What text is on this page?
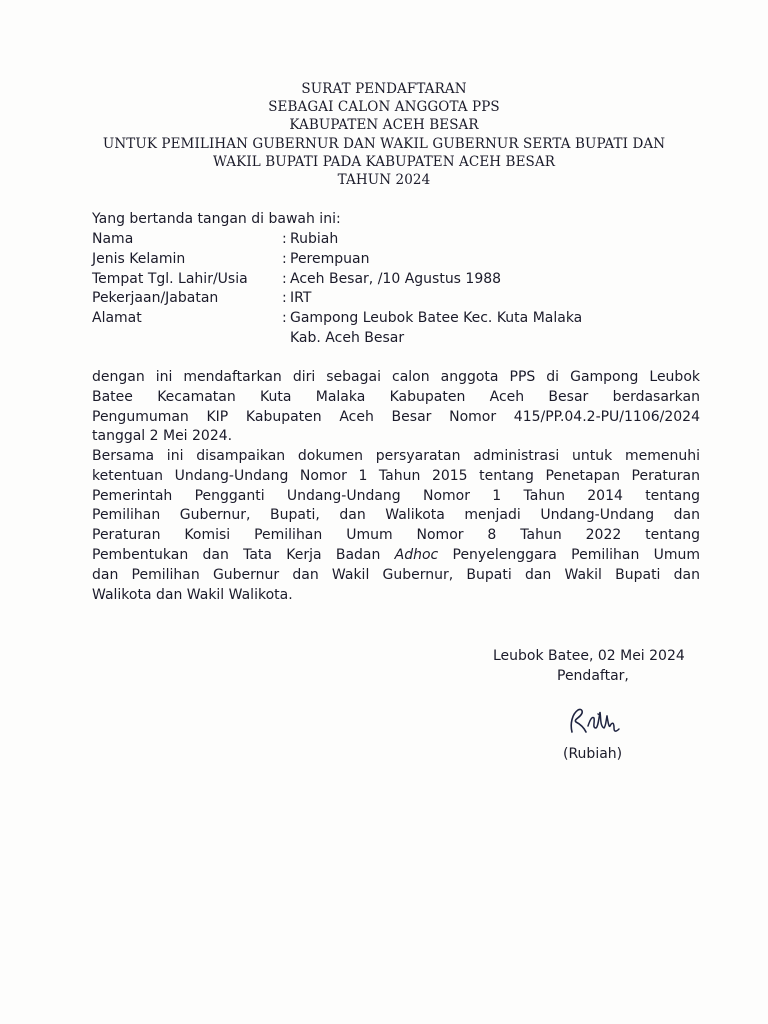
SURAT PENDAFTARAN
SEBAGAI CALON ANGGOTA PPS
KABUPATEN ACEH BESAR
UNTUK PEMILIHAN GUBERNUR DAN WAKIL GUBERNUR SERTA BUPATI DAN
WAKIL BUPATI PADA KABUPATEN ACEH BESAR
TAHUN 2024
Yang bertanda tangan di bawah ini:
Nama	: Rubiah
Jenis Kelamin	: Perempuan
Tempat Tgl. Lahir/Usia	: Aceh Besar, /10 Agustus 1988
Pekerjaan/Jabatan	: IRT
Alamat	: Gampong Leubok Batee Kec. Kuta Malaka
Kab. Aceh Besar
dengan ini mendaftarkan diri sebagai calon anggota PPS di Gampong Leubok
Batee Kecamatan Kuta Malaka Kabupaten Aceh Besar berdasarkan
Pengumuman KIP Kabupaten Aceh Besar Nomor 415/PP.04.2-PU/1106/2024
tanggal 2 Mei 2024.
Bersama ini disampaikan dokumen persyaratan administrasi untuk memenuhi
ketentuan Undang-Undang Nomor 1 Tahun 2015 tentang Penetapan Peraturan
Pemerintah Pengganti Undang-Undang Nomor 1 Tahun 2014 tentang
Pemilihan Gubernur, Bupati, dan Walikota menjadi Undang-Undang dan
Peraturan Komisi Pemilihan Umum Nomor 8 Tahun 2022 tentang
Pembentukan dan Tata Kerja Badan Adhoc Penyelenggara Pemilihan Umum
dan Pemilihan Gubernur dan Wakil Gubernur, Bupati dan Wakil Bupati dan
Walikota dan Wakil Walikota.
Leubok Batee, 02 Mei 2024
Pendaftar,
(Rubiah)
